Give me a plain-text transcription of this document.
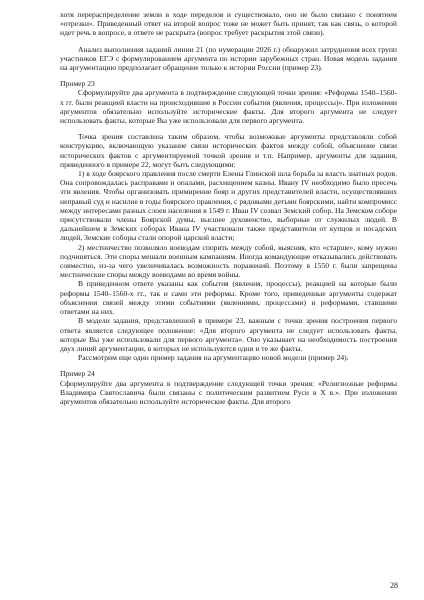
хотя перераспределение земли в ходе переделов и существовало, оно не было связано с понятием «отрезки». Приведенный ответ на второй вопрос тоже не может быть принят, так как связь, о которой идет речь в вопросе, в ответе не раскрыта (вопрос требует раскрытия этой связи).

Анализ выполнения заданий линии 21 (по нумерации 2026 г.) обнаружил затруднения всех групп участников ЕГЭ с формулированием аргумента по истории зарубежных стран. Новая модель задания на аргументацию предполагает обращение только к истории России (пример 23).

Пример 23

Сформулируйте два аргумента в подтверждение следующей точки зрения: «Реформы 1540–1560-х гг. были реакцией власти на происходившие в России события (явления, процессы)». При изложении аргументов обязательно используйте исторические факты. Для второго аргумента не следует использовать факты, которые Вы уже использовали для первого аргумента.

Точка зрения составлена таким образом, чтобы возможные аргументы представляли собой конструкцию, включающую указание связи исторических фактов между собой, объяснение связи исторических фактов с аргументируемой точкой зрения и т.п. Например, аргументы для задания, приведенного в примере 22, могут быть следующими:

1) в ходе боярского правления после смерти Елены Глинской шла борьба за власть знатных родов. Она сопровождалась расправами и опалами, расхищением казны. Ивану IV необходимо было пресечь эти явления. Чтобы организовать примирение бояр и других представителей власти, осуществлявших неправый суд и насилие в годы боярского правления, с рядовыми детьми боярскими, найти компромисс между интересами разных слоев населения в 1549 г. Иван IV созвал Земский собор. На Земском соборе присутствовали члены Боярской думы, высшее духовенство, выборные от служилых людей. В дальнейшем в Земских соборах Ивана IV участвовали также представители от купцов и посадских людей, Земские соборы стали опорой царской власти;

2) местничество позволяло воеводам спорить между собой, выясняя, кто «старше», кому нужно подчиняться. Эти споры мешали военным кампаниям. Иногда командующие отказывались действовать совместно, из-за чего увеличивалась возможность поражений. Поэтому в 1550 г. были запрещены местнические споры между воеводами во время войны.

В приведенном ответе указаны как события (явления, процессы), реакцией на которые были реформы 1540–1560-х гг., так и сами эти реформы. Кроме того, приведенные аргументы содержат объяснения связей между этими событиями (явлениями, процессами) и реформами, ставшими ответами на них.

В модели задания, представленной в примере 23, важным с точки зрения построения первого ответа является следующее положение: «Для второго аргумента не следует использовать факты, которые Вы уже использовали для первого аргумента». Оно указывает на необходимость построения двух линий аргументации, в которых не используются одни и те же факты.

Рассмотрим еще один пример задания на аргументацию новой модели (пример 24).

Пример 24

Сформулируйте два аргумента в подтверждение следующей точки зрения: «Религиозные реформы Владимира Святославича были связаны с политическим развитием Руси в X в.». При изложении аргументов обязательно используйте исторические факты. Для второго

28
